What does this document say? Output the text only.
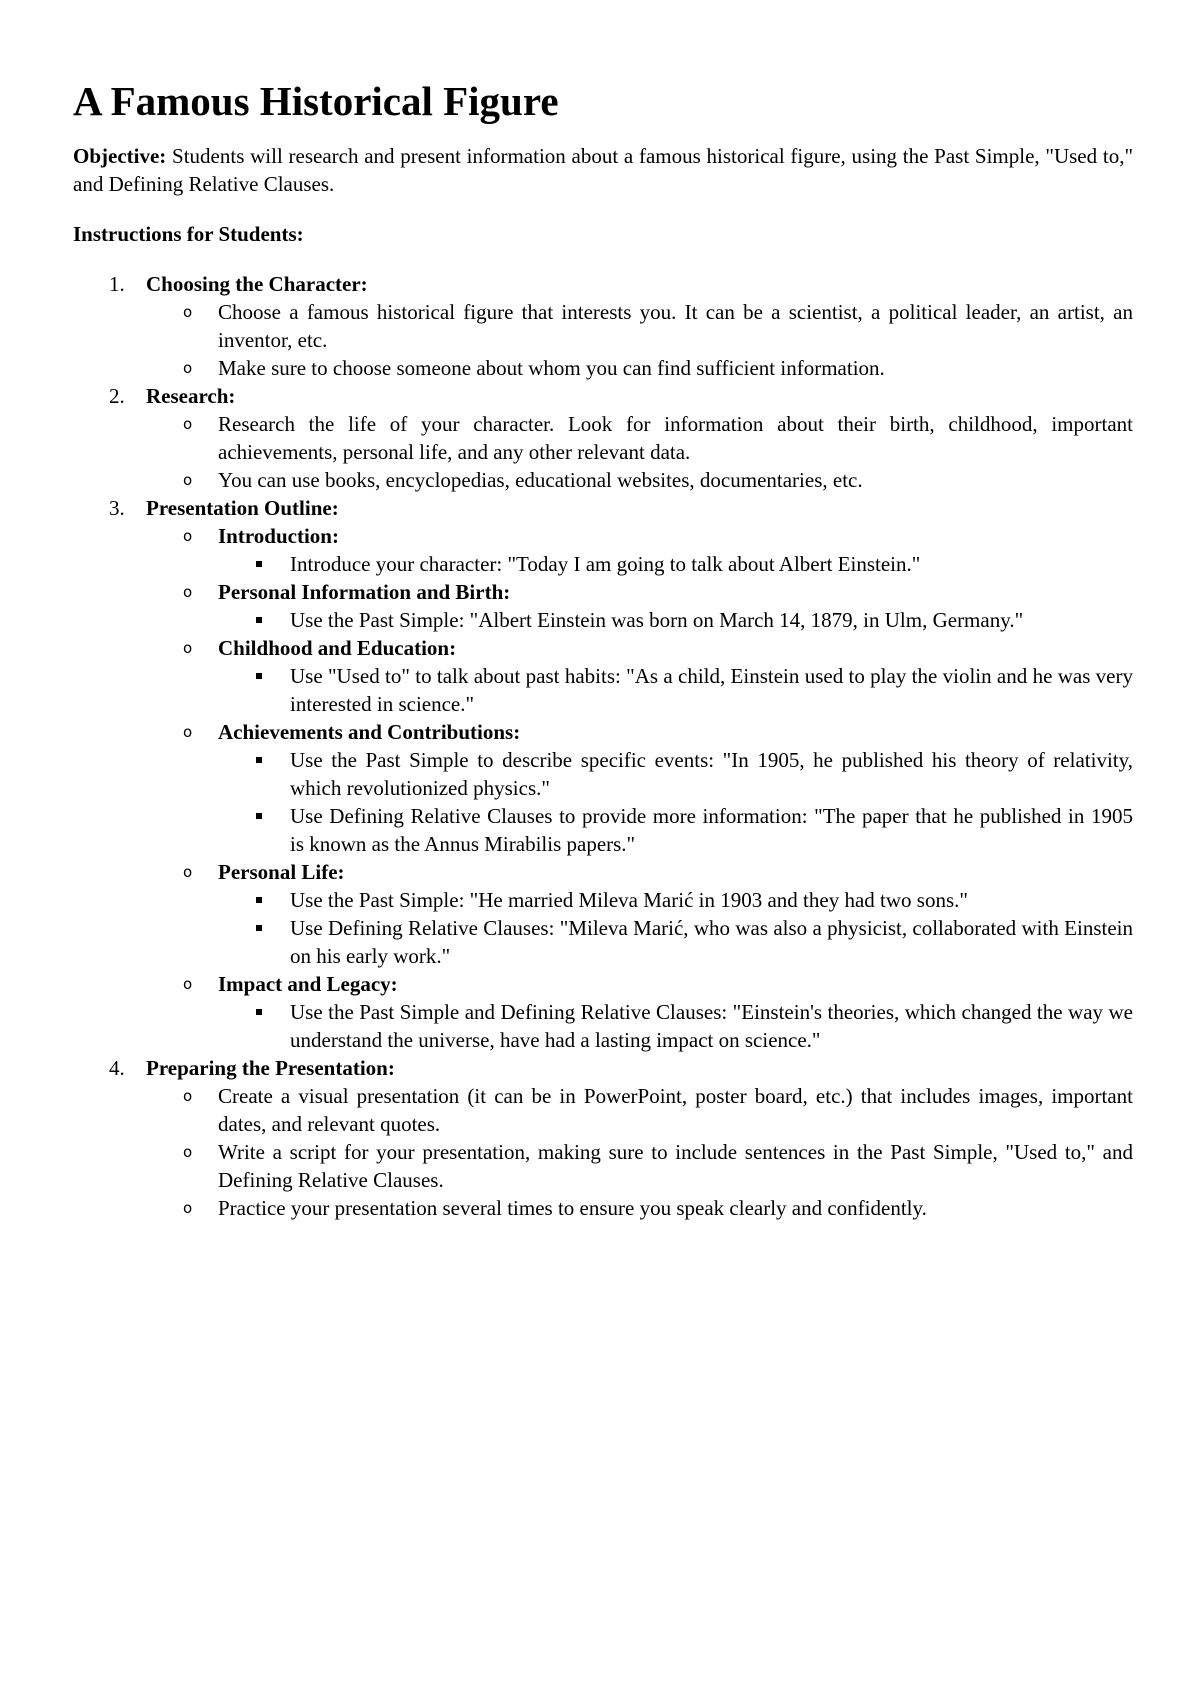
A Famous Historical Figure

Objective: Students will research and present information about a famous historical figure, using the Past Simple, "Used to," and Defining Relative Clauses.

Instructions for Students:

1. Choosing the Character:
o Choose a famous historical figure that interests you. It can be a scientist, a political leader, an artist, an inventor, etc.
o Make sure to choose someone about whom you can find sufficient information.
2. Research:
o Research the life of your character. Look for information about their birth, childhood, important achievements, personal life, and any other relevant data.
o You can use books, encyclopedias, educational websites, documentaries, etc.
3. Presentation Outline:
o Introduction:
Introduce your character: "Today I am going to talk about Albert Einstein."
o Personal Information and Birth:
Use the Past Simple: "Albert Einstein was born on March 14, 1879, in Ulm, Germany."
o Childhood and Education:
Use "Used to" to talk about past habits: "As a child, Einstein used to play the violin and he was very interested in science."
o Achievements and Contributions:
Use the Past Simple to describe specific events: "In 1905, he published his theory of relativity, which revolutionized physics."
Use Defining Relative Clauses to provide more information: "The paper that he published in 1905 is known as the Annus Mirabilis papers."
o Personal Life:
Use the Past Simple: "He married Mileva Marić in 1903 and they had two sons."
Use Defining Relative Clauses: "Mileva Marić, who was also a physicist, collaborated with Einstein on his early work."
o Impact and Legacy:
Use the Past Simple and Defining Relative Clauses: "Einstein's theories, which changed the way we understand the universe, have had a lasting impact on science."
4. Preparing the Presentation:
o Create a visual presentation (it can be in PowerPoint, poster board, etc.) that includes images, important dates, and relevant quotes.
o Write a script for your presentation, making sure to include sentences in the Past Simple, "Used to," and Defining Relative Clauses.
o Practice your presentation several times to ensure you speak clearly and confidently.
